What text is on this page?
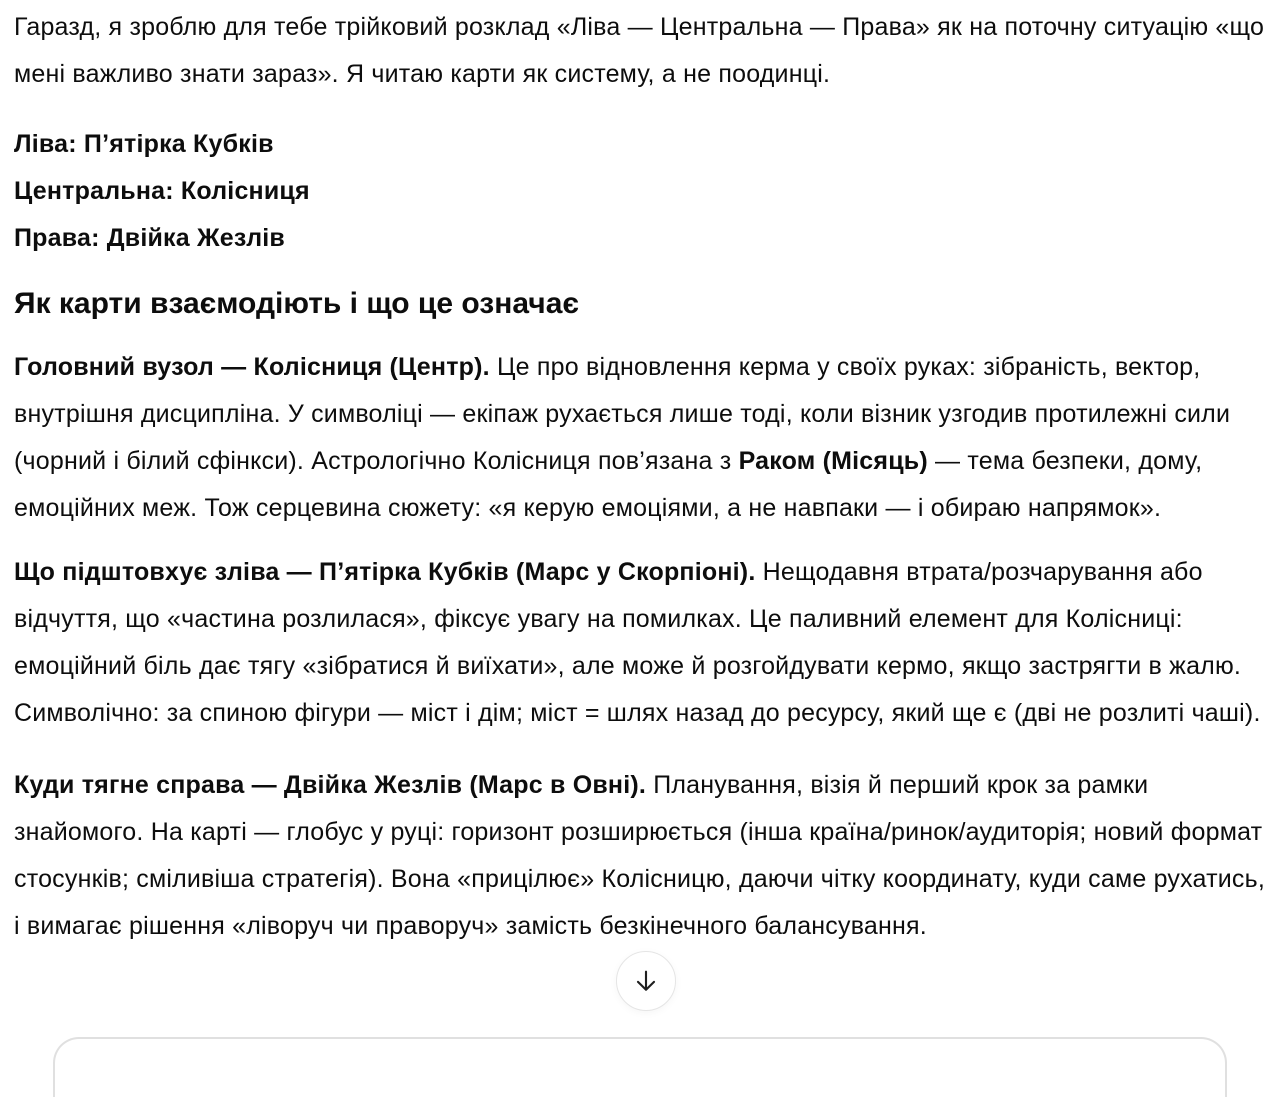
Гаразд, я зроблю для тебе трійковий розклад «Ліва — Центральна — Права» як на поточну ситуацію «що мені важливо знати зараз». Я читаю карти як систему, а не поодинці.

Ліва: П’ятірка Кубків
Центральна: Колісниця
Права: Двійка Жезлів

Як карти взаємодіють і що це означає

Головний вузол — Колісниця (Центр). Це про відновлення керма у своїх руках: зібраність, вектор, внутрішня дисципліна. У символіці — екіпаж рухається лише тоді, коли візник узгодив протилежні сили (чорний і білий сфінкси). Астрологічно Колісниця пов’язана з Раком (Місяць) — тема безпеки, дому, емоційних меж. Тож серцевина сюжету: «я керую емоціями, а не навпаки — і обираю напрямок».

Що підштовхує зліва — П’ятірка Кубків (Марс у Скорпіоні). Нещодавня втрата/розчарування або відчуття, що «частина розлилася», фіксує увагу на помилках. Це паливний елемент для Колісниці: емоційний біль дає тягу «зібратися й виїхати», але може й розгойдувати кермо, якщо застрягти в жалю. Символічно: за спиною фігури — міст і дім; міст = шлях назад до ресурсу, який ще є (дві не розлиті чаші).

Куди тягне справа — Двійка Жезлів (Марс в Овні). Планування, візія й перший крок за рамки знайомого. На карті — глобус у руці: горизонт розширюється (інша країна/ринок/аудиторія; новий формат стосунків; сміливіша стратегія). Вона «прицілює» Колісницю, даючи чітку координату, куди саме рухатись, і вимагає рішення «ліворуч чи праворуч» замість безкінечного балансування.
